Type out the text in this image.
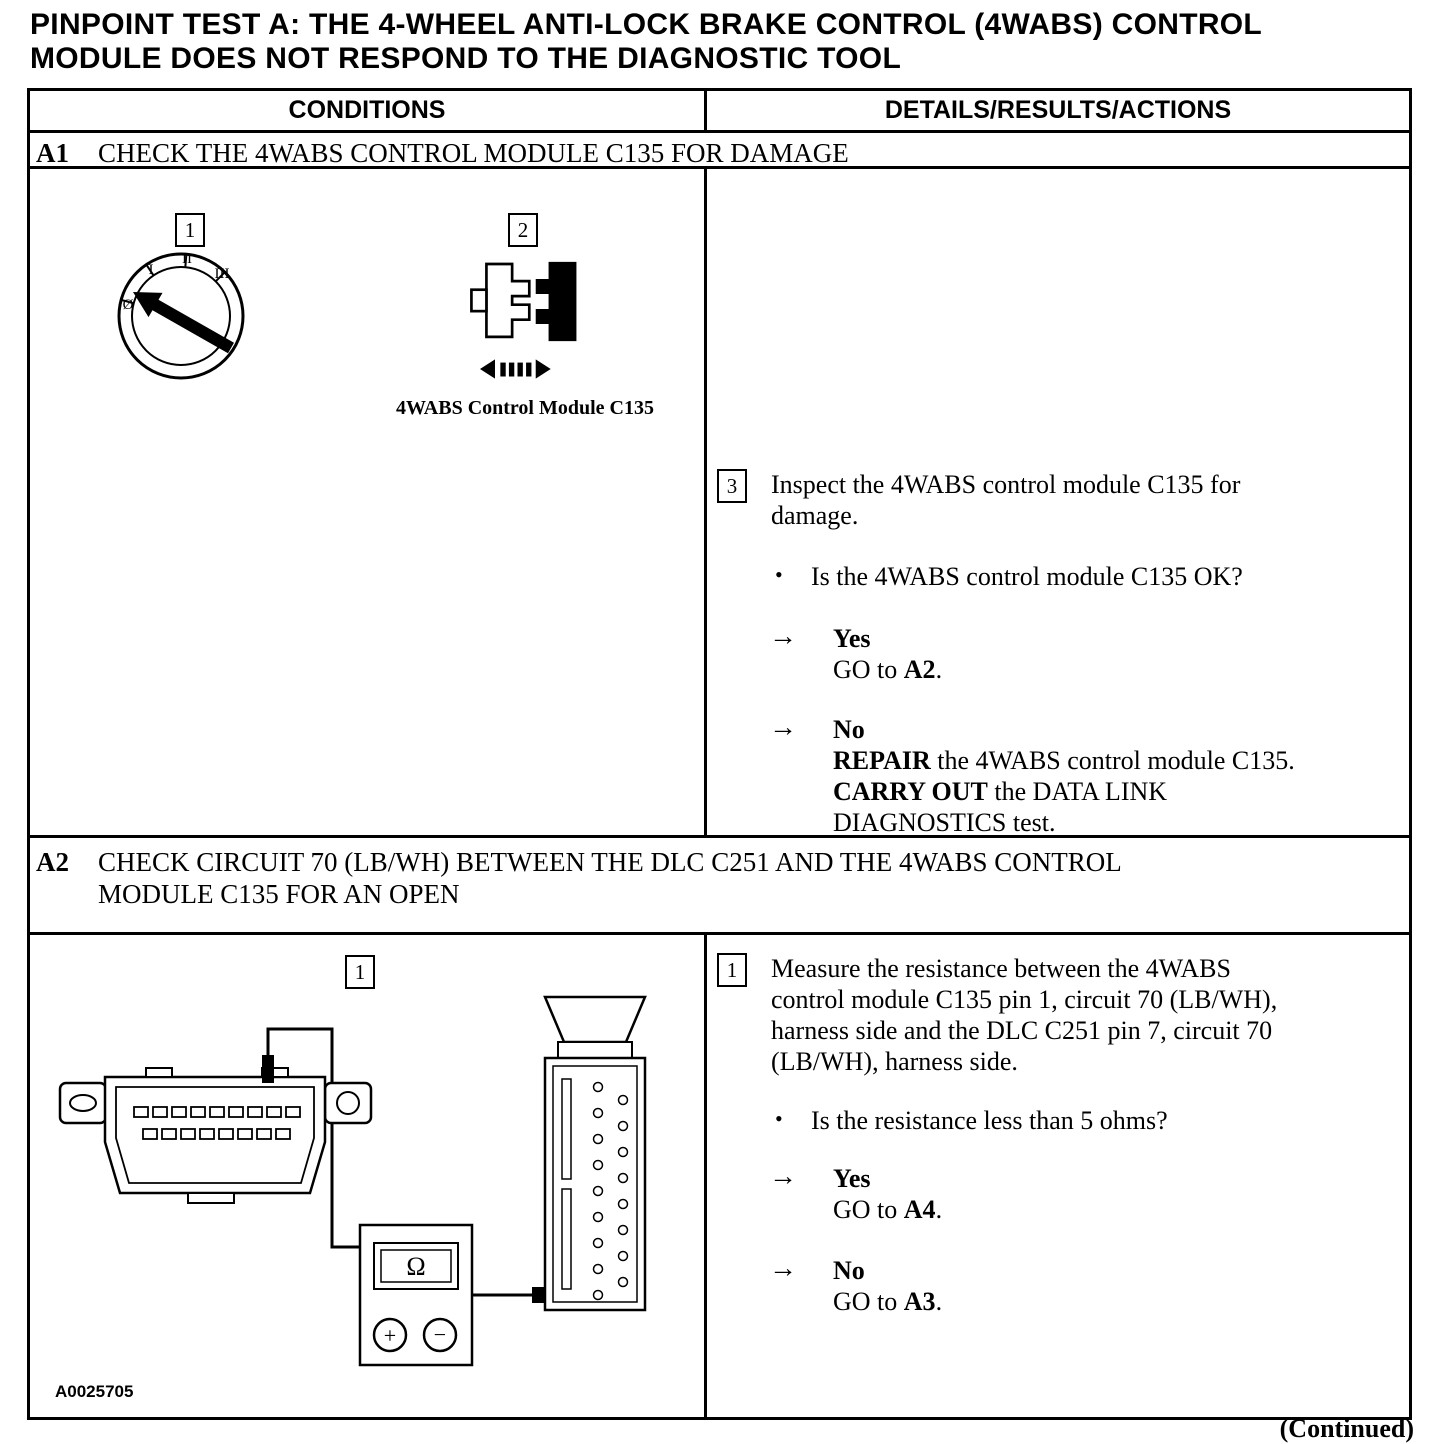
PINPOINT TEST A: THE 4-WHEEL ANTI-LOCK BRAKE CONTROL (4WABS) CONTROL
MODULE DOES NOT RESPOND TO THE DIAGNOSTIC TOOL
CONDITIONS	DETAILS/RESULTS/ACTIONS
A1	CHECK THE 4WABS CONTROL MODULE C135 FOR DAMAGE
1
Ø
I
II
III
2
4WABS Control Module C135
3 Inspect the 4WABS control module C135 for
damage.
• Is the 4WABS control module C135 OK?
→ Yes
GO to A2.
→ No
REPAIR the 4WABS control module C135.
CARRY OUT the DATA LINK
DIAGNOSTICS test.
A2	CHECK CIRCUIT 70 (LB/WH) BETWEEN THE DLC C251 AND THE 4WABS CONTROL
MODULE C135 FOR AN OPEN
1
Ω
+ −
A0025705
1 Measure the resistance between the 4WABS
control module C135 pin 1, circuit 70 (LB/WH),
harness side and the DLC C251 pin 7, circuit 70
(LB/WH), harness side.
• Is the resistance less than 5 ohms?
→ Yes
GO to A4.
→ No
GO to A3.
(Continued)
